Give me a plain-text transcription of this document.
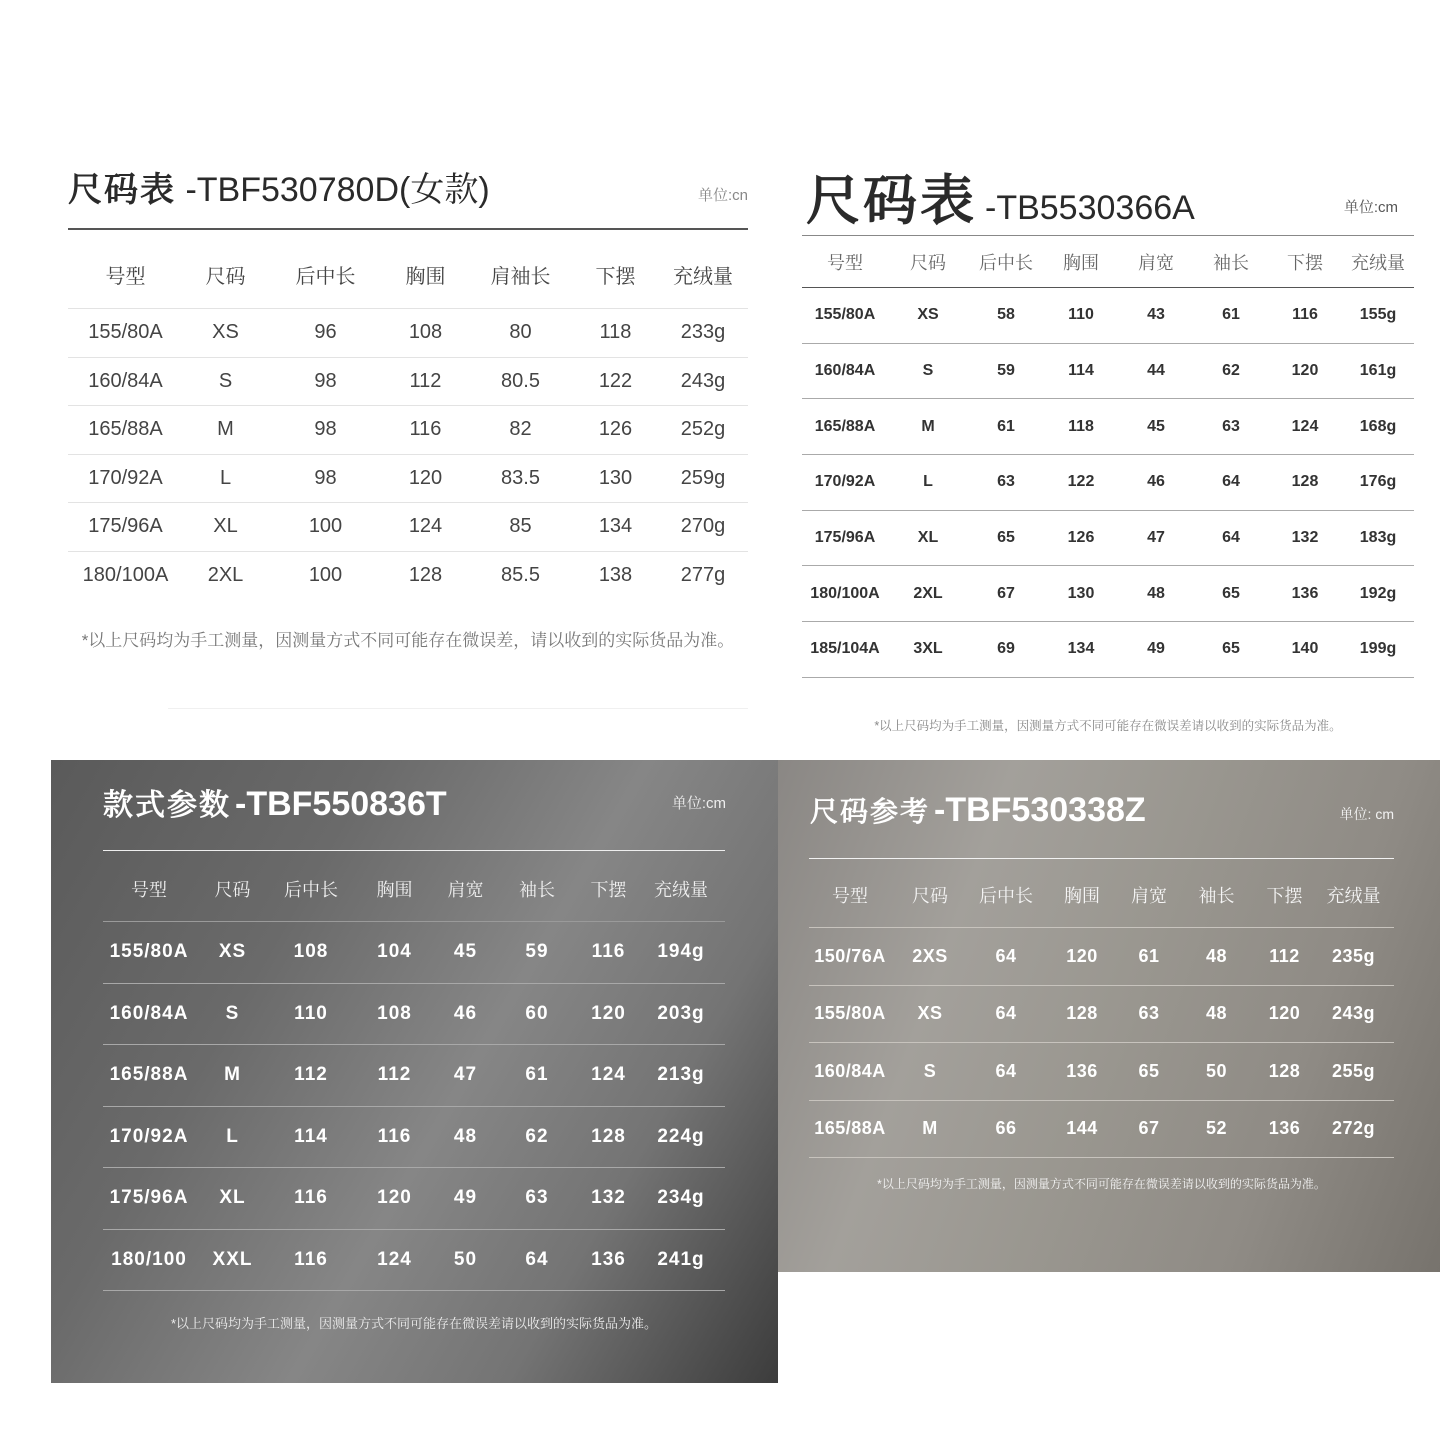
尺码表 -TBF530780D(女款)	单位:cn
号型	尺码	后中长	胸围	肩袖长	下摆	充绒量
155/80A	XS	96	108	80	118	233g
160/84A	S	98	112	80.5	122	243g
165/88A	M	98	116	82	126	252g
170/92A	L	98	120	83.5	130	259g
175/96A	XL	100	124	85	134	270g
180/100A	2XL	100	128	85.5	138	277g
*以上尺码均为手工测量，因测量方式不同可能存在微误差，请以收到的实际货品为准。
尺码表 -TB5530366A	单位:cm
号型	尺码	后中长	胸围	肩宽	袖长	下摆	充绒量
155/80A	XS	58	110	43	61	116	155g
160/84A	S	59	114	44	62	120	161g
165/88A	M	61	118	45	63	124	168g
170/92A	L	63	122	46	64	128	176g
175/96A	XL	65	126	47	64	132	183g
180/100A	2XL	67	130	48	65	136	192g
185/104A	3XL	69	134	49	65	140	199g
*以上尺码均为手工测量，因测量方式不同可能存在微误差请以收到的实际货品为准。
款式参数 -TBF550836T	单位:cm
号型	尺码	后中长	胸围	肩宽	袖长	下摆	充绒量
155/80A	XS	108	104	45	59	116	194g
160/84A	S	110	108	46	60	120	203g
165/88A	M	112	112	47	61	124	213g
170/92A	L	114	116	48	62	128	224g
175/96A	XL	116	120	49	63	132	234g
180/100	XXL	116	124	50	64	136	241g
*以上尺码均为手工测量，因测量方式不同可能存在微误差请以收到的实际货品为准。
尺码参考 -TBF530338Z	单位: cm
号型	尺码	后中长	胸围	肩宽	袖长	下摆	充绒量
150/76A	2XS	64	120	61	48	112	235g
155/80A	XS	64	128	63	48	120	243g
160/84A	S	64	136	65	50	128	255g
165/88A	M	66	144	67	52	136	272g
*以上尺码均为手工测量，因测量方式不同可能存在微误差请以收到的实际货品为准。
